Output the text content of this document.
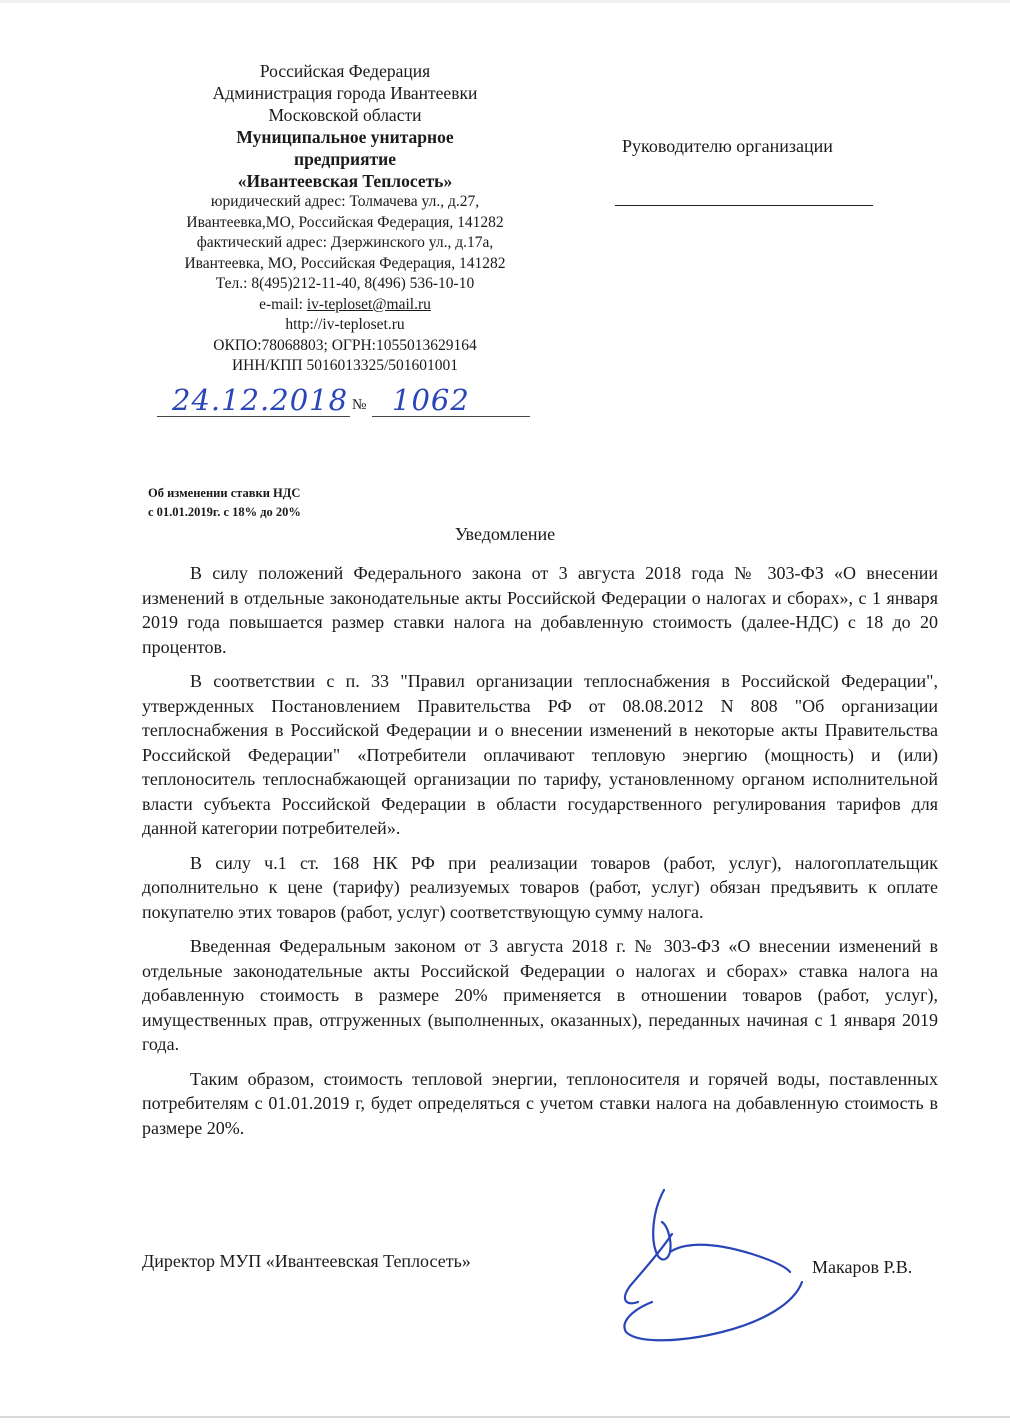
Российская Федерация
Администрация города Ивантеевки
Московской области
Муниципальное унитарное
предприятие
«Ивантеевская Теплосеть»
юридический адрес: Толмачева ул., д.27,
Ивантеевка,МО, Российская Федерация, 141282
фактический адрес: Дзержинского ул., д.17а,
Ивантеевка, МО, Российская Федерация, 141282
Тел.: 8(495)212-11-40, 8(496) 536-10-10
e-mail: iv-teploset@mail.ru
http://iv-teploset.ru
ОКПО:78068803; ОГРН:1055013629164
ИНН/КПП 5016013325/501601001
Руководителю организации
24.12.2018 № 1062
Об изменении ставки НДС
с 01.01.2019г. с 18% до 20%
Уведомление

В силу положений Федерального закона от 3 августа 2018 года № 303-ФЗ «О внесении изменений в отдельные законодательные акты Российской Федерации о налогах и сборах», с 1 января 2019 года повышается размер ставки налога на добавленную стоимость (далее-НДС) с 18 до 20 процентов.

В соответствии с п. 33 "Правил организации теплоснабжения в Российской Федерации", утвержденных Постановлением Правительства РФ от 08.08.2012 N 808 "Об организации теплоснабжения в Российской Федерации и о внесении изменений в некоторые акты Правительства Российской Федерации" «Потребители оплачивают тепловую энергию (мощность) и (или) теплоноситель теплоснабжающей организации по тарифу, установленному органом исполнительной власти субъекта Российской Федерации в области государственного регулирования тарифов для данной категории потребителей».

В силу ч.1 ст. 168 НК РФ при реализации товаров (работ, услуг), налогоплательщик дополнительно к цене (тарифу) реализуемых товаров (работ, услуг) обязан предъявить к оплате покупателю этих товаров (работ, услуг) соответствующую сумму налога.

Введенная Федеральным законом от 3 августа 2018 г. № 303-ФЗ «О внесении изменений в отдельные законодательные акты Российской Федерации о налогах и сборах» ставка налога на добавленную стоимость в размере 20% применяется в отношении товаров (работ, услуг), имущественных прав, отгруженных (выполненных, оказанных), переданных начиная с 1 января 2019 года.

Таким образом, стоимость тепловой энергии, теплоносителя и горячей воды, поставленных потребителям с 01.01.2019 г, будет определяться с учетом ставки налога на добавленную стоимость в размере 20%.

Директор МУП «Ивантеевская Теплосеть»	Макаров Р.В.
